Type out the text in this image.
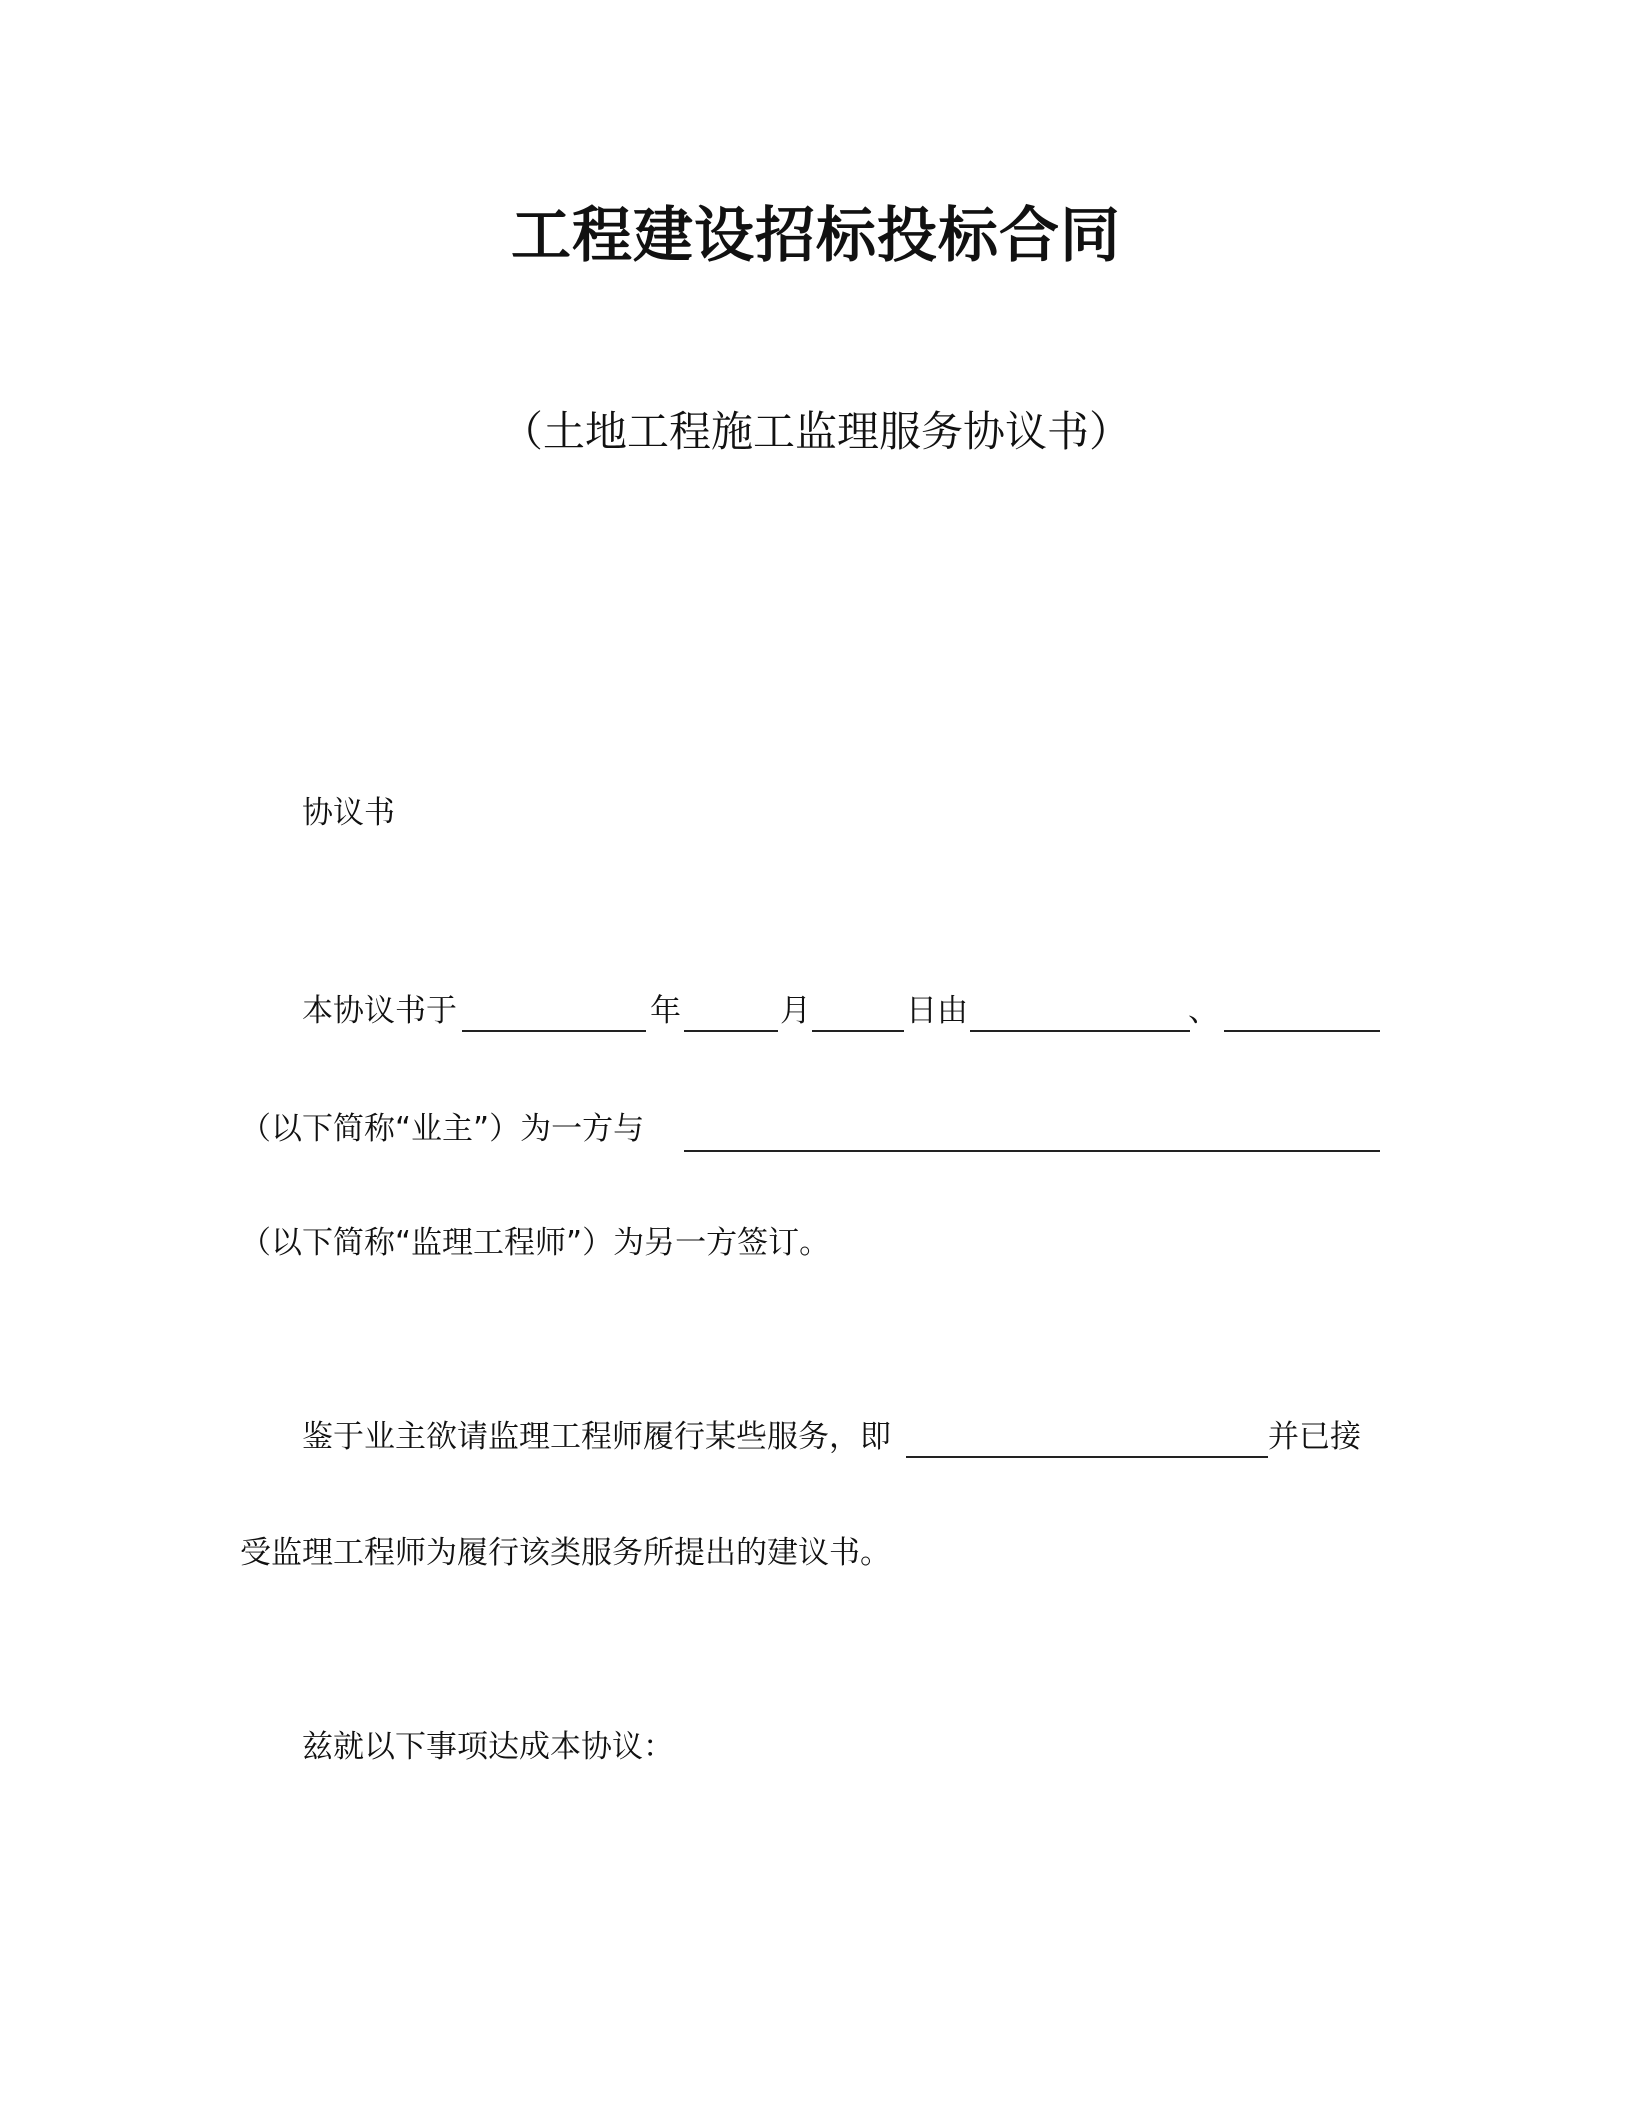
工程建设招标投标合同
（土地工程施工监理服务协议书）
协议书
本协议书于	年	月	日由	、
（以下简称“业主”）为一方与
（以下简称“监理工程师”）为另一方签订。
鉴于业主欲请监理工程师履行某些服务，即	并已接
受监理工程师为履行该类服务所提出的建议书。
兹就以下事项达成本协议：
